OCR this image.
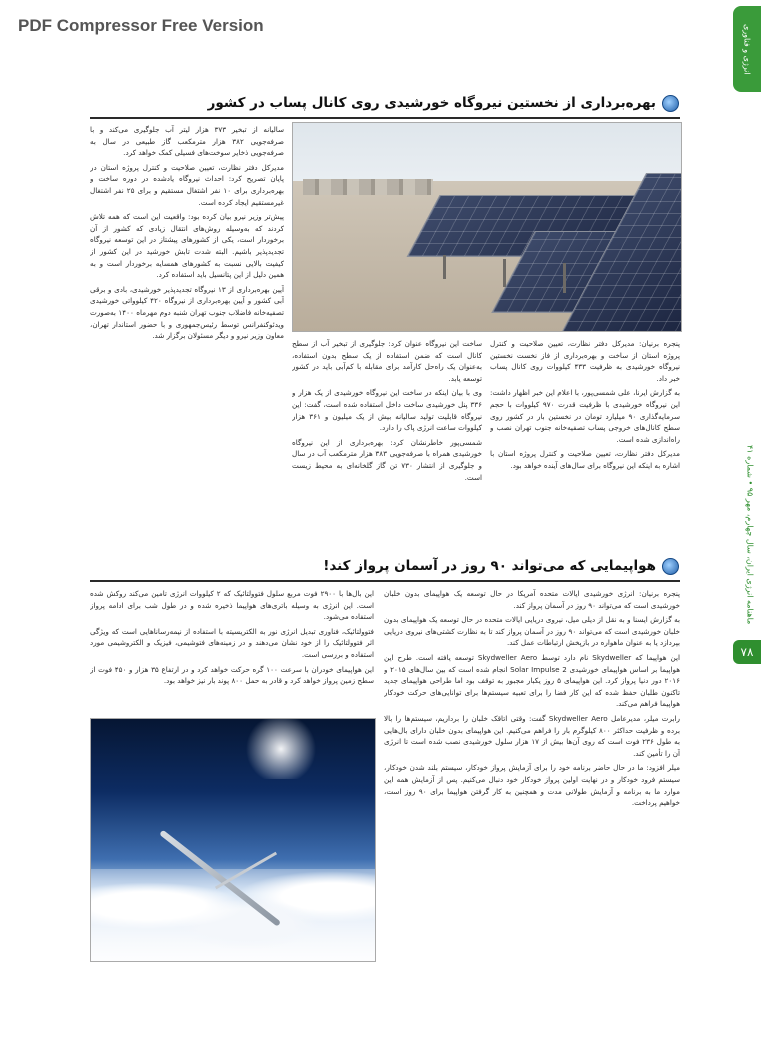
PDF Compressor Free Version	انرژی و فناوری
ماهنامه انرژی ایران، سال چهارم، مهر ۹۵ • شماره ۴۱
۷۸
بهره‌برداری از نخستین نیروگاه خورشیدی روی کانال پساب در کشور

سالیانه از تبخیر ۳۷۳ هزار لیتر آب جلوگیری می‌کند و با صرفه‌جویی ۳۸۲ هزار مترمکعب گاز طبیعی در سال به صرفه‌جویی ذخایر سوخت‌های فسیلی کمک خواهد کرد.

مدیرکل دفتر نظارت، تعیین صلاحیت و کنترل پروژه استان در پایان تصریح کرد: احداث نیروگاه یادشده در دوره ساخت و بهره‌برداری برای ۱۰ نفر اشتغال مستقیم و برای ۲۵ نفر اشتغال غیرمستقیم ایجاد کرده است.

پیش‌تر وزیر نیرو بیان کرده بود: واقعیت این است که همه تلاش کردند که به‌وسیله روش‌های انتقال زیادی که کشور از آن برخوردار است، یکی از کشورهای پیشتاز در این توسعه نیروگاه تجدیدپذیر باشیم. البته شدت تابش خورشید در این کشور از کیفیت بالایی نسبت به کشورهای همسایه برخوردار است و به همین دلیل از این پتانسیل باید استفاده کرد.

آیین بهره‌برداری از ۱۳ نیروگاه تجدیدپذیر خورشیدی، بادی و برقی آبی کشور و آیین بهره‌برداری از نیروگاه ۴۲۰ کیلوواتی خورشیدی تصفیه‌خانه فاضلاب جنوب تهران شنبه دوم مهرماه ۱۴۰۰ به‌صورت ویدئوکنفرانس توسط رئیس‌جمهوری و با حضور استاندار تهران، معاون وزیر نیرو و دیگر مسئولان برگزار شد.

ساخت این نیروگاه عنوان کرد: جلوگیری از تبخیر آب از سطح کانال است که ضمن استفاده از یک سطح بدون استفاده، به‌عنوان یک راه‌حل کارآمد برای مقابله با کم‌آبی باید در کشور توسعه یابد.

وی با بیان اینکه در ساخت این نیروگاه خورشیدی از یک هزار و ۳۳۶ پنل خورشیدی ساخت داخل استفاده شده است، گفت: این نیروگاه قابلیت تولید سالیانه بیش از یک میلیون و ۳۶۱ هزار کیلووات ساعت انرژی پاک را دارد.

شمسی‌پور خاطرنشان کرد: بهره‌برداری از این نیروگاه خورشیدی همراه با صرفه‌جویی ۳۸۳ هزار مترمکعب آب در سال و جلوگیری از انتشار ۷۳۰ تن گاز گلخانه‌ای به محیط زیست است.

پنجره برنیان: مدیرکل دفتر نظارت، تعیین صلاحیت و کنترل پروژه استان از ساخت و بهره‌برداری از فاز نخست نخستین نیروگاه خورشیدی به ظرفیت ۴۳۳ کیلووات روی کانال پساب خبر داد.

به گزارش ایرنا، علی شمسی‌پور، با اعلام این خبر اظهار داشت: این نیروگاه خورشیدی با ظرفیت قدرت ۹۷۰ کیلووات با حجم سرمایه‌گذاری ۹۰ میلیارد تومان در نخستین بار در کشور روی سطح کانال‌های خروجی پساب تصفیه‌خانه جنوب تهران نصب و راه‌اندازی شده است.

مدیرکل دفتر نظارت، تعیین صلاحیت و کنترل پروژه استان با اشاره به اینکه این نیروگاه برای سال‌های آینده خواهد بود.

هواپیمایی که می‌تواند ۹۰ روز در آسمان پرواز کند!

این بال‌ها با ۲۹۰۰ فوت مربع سلول فتوولتائیک که ۲ کیلووات انرژی تامین می‌کند روکش شده است. این انرژی به وسیله باتری‌های هواپیما ذخیره شده و در طول شب برای ادامه پرواز استفاده می‌شود.

فتوولتائیک، فناوری تبدیل انرژی نور به الکتریسیته با استفاده از نیمه‌رساناهایی است که ویژگی اثر فتوولتائیک را از خود نشان می‌دهند و در زمینه‌های فتوشیمی، فیزیک و الکتروشیمی مورد استفاده و بررسی است.

این هواپیمای خودران با سرعت ۱۰۰ گره حرکت خواهد کرد و در ارتفاع ۳۵ هزار و ۴۵۰ فوت از سطح زمین پرواز خواهد کرد و قادر به حمل ۸۰۰ پوند بار نیز خواهد بود.

پنجره برنیان: انرژی خورشیدی ایالات متحده آمریکا در حال توسعه یک هواپیمای بدون خلبان خورشیدی است که می‌تواند ۹۰ روز در آسمان پرواز کند.

به گزارش ایسنا و به نقل از دیلی میل، نیروی دریایی ایالات متحده در حال توسعه یک هواپیمای بدون خلبان خورشیدی است که می‌تواند ۹۰ روز در آسمان پرواز کند تا به نظارت کشتی‌های نیروی دریایی بپردازد یا به عنوان ماهواره در بازپخش ارتباطات عمل کند.

این هواپیما که Skydweller نام دارد توسط Skydweller Aero توسعه یافته است. طرح این هواپیما بر اساس هواپیمای خورشیدی Solar Impulse 2 انجام شده است که بین سال‌های ۲۰۱۵ و ۲۰۱۶ دور دنیا پرواز کرد. این هواپیمای ۵ روز یکبار مجبور به توقف بود اما طراحی هواپیمای جدید تاکنون طلبان حفظ شده که این کار فضا را برای تعبیه سیستم‌ها برای توانایی‌های حرکت خودکار هواپیما فراهم می‌کند.

رابرت میلر، مدیرعامل Skydweller Aero گفت: وقتی اتاقک خلبان را برداریم، سیستم‌ها را بالا برده و ظرفیت حداکثر ۸۰۰ کیلوگرم بار را فراهم می‌کنیم. این هواپیمای بدون خلبان دارای بال‌هایی به طول ۲۳۶ فوت است که روی آن‌ها بیش از ۱۷ هزار سلول خورشیدی نصب شده است تا انرژی آن را تأمین کند.

میلر افزود: ما در حال حاضر برنامه خود را برای آزمایش پرواز خودکار، سیستم بلند شدن خودکار، سیستم فرود خودکار و در نهایت اولین پرواز خودکار خود دنبال می‌کنیم. پس از آزمایش همه این موارد ما به برنامه و آزمایش طولانی مدت و همچنین به کار گرفتن هواپیما برای ۹۰ روز است، خواهیم پرداخت.
